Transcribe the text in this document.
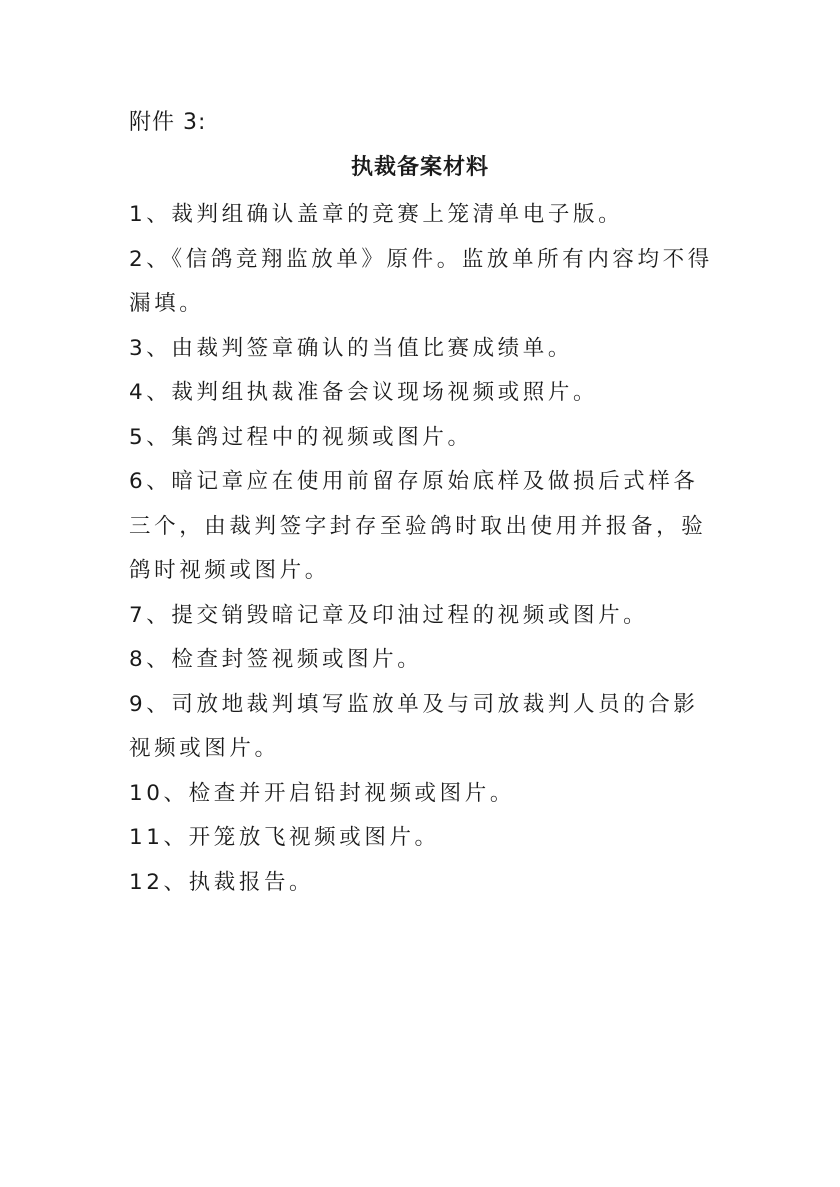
附件 3:
执裁备案材料
1、裁判组确认盖章的竞赛上笼清单电子版。
2、《信鸽竞翔监放单》原件。监放单所有内容均不得漏填。
3、由裁判签章确认的当值比赛成绩单。
4、裁判组执裁准备会议现场视频或照片。
5、集鸽过程中的视频或图片。
6、暗记章应在使用前留存原始底样及做损后式样各三个，由裁判签字封存至验鸽时取出使用并报备，验鸽时视频或图片。
7、提交销毁暗记章及印油过程的视频或图片。
8、检查封签视频或图片。
9、司放地裁判填写监放单及与司放裁判人员的合影视频或图片。
10、检查并开启铅封视频或图片。
11、开笼放飞视频或图片。
12、执裁报告。
